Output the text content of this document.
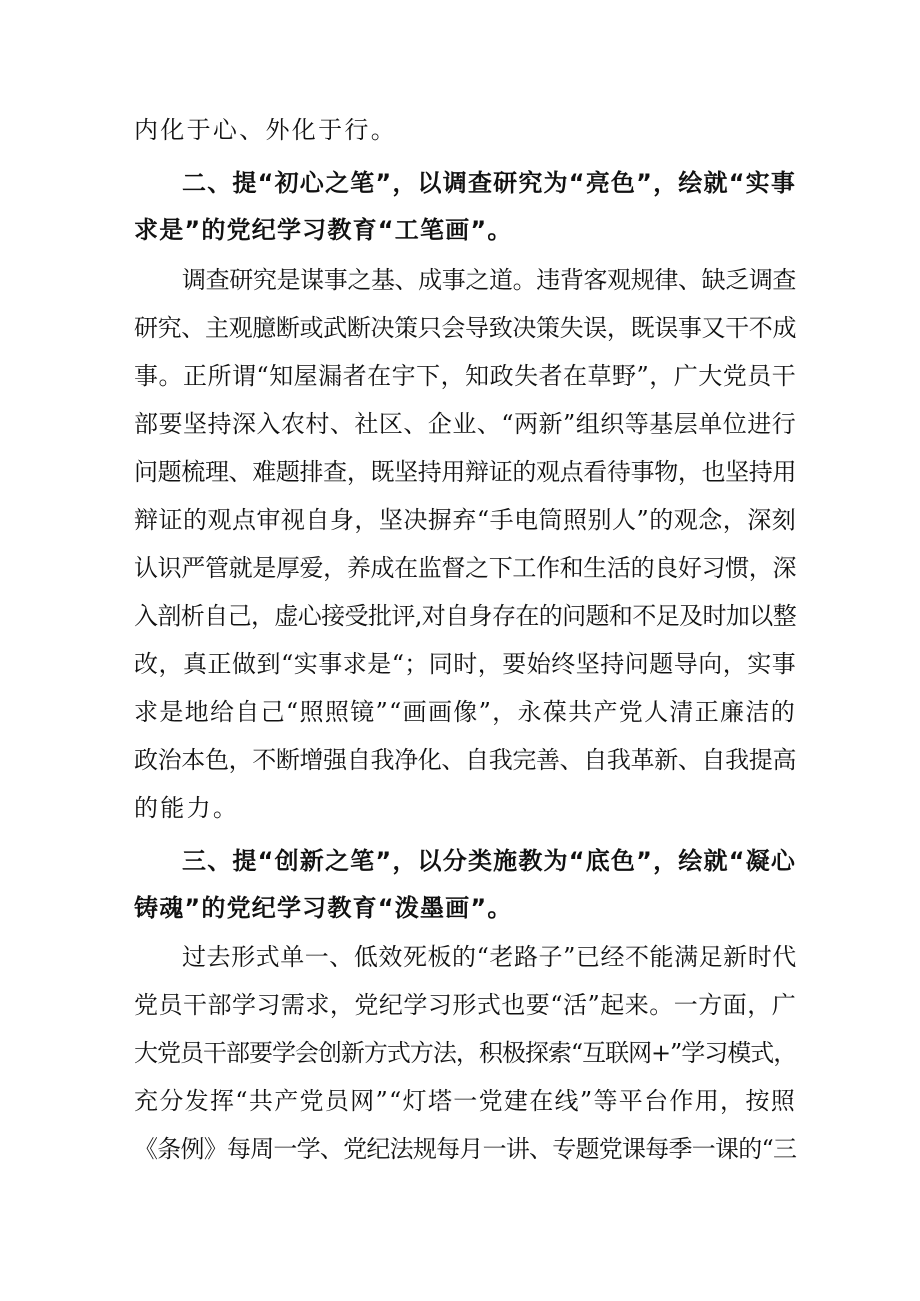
内化于心、外化于行。
二、提“初心之笔”，以调查研究为“亮色”，绘就“实事
求是”的党纪学习教育“工笔画”。
调查研究是谋事之基、成事之道。违背客观规律、缺乏调查
研究、主观臆断或武断决策只会导致决策失误，既误事又干不成
事。正所谓“知屋漏者在宇下，知政失者在草野”，广大党员干
部要坚持深入农村、社区、企业、“两新”组织等基层单位进行
问题梳理、难题排查，既坚持用辩证的观点看待事物，也坚持用
辩证的观点审视自身，坚决摒弃“手电筒照别人”的观念，深刻
认识严管就是厚爱，养成在监督之下工作和生活的良好习惯，深
入剖析自己，虚心接受批评,对自身存在的问题和不足及时加以整
改，真正做到“实事求是“；同时，要始终坚持问题导向，实事
求是地给自己“照照镜”“画画像”，永葆共产党人清正廉洁的
政治本色，不断增强自我净化、自我完善、自我革新、自我提高
的能力。
三、提“创新之笔”，以分类施教为“底色”，绘就“凝心
铸魂”的党纪学习教育“泼墨画”。
过去形式单一、低效死板的“老路子”已经不能满足新时代
党员干部学习需求，党纪学习形式也要“活”起来。一方面，广
大党员干部要学会创新方式方法，积极探索“互联网+”学习模式，
充分发挥“共产党员网”“灯塔一党建在线”等平台作用，按照
《条例》每周一学、党纪法规每月一讲、专题党课每季一课的“三
